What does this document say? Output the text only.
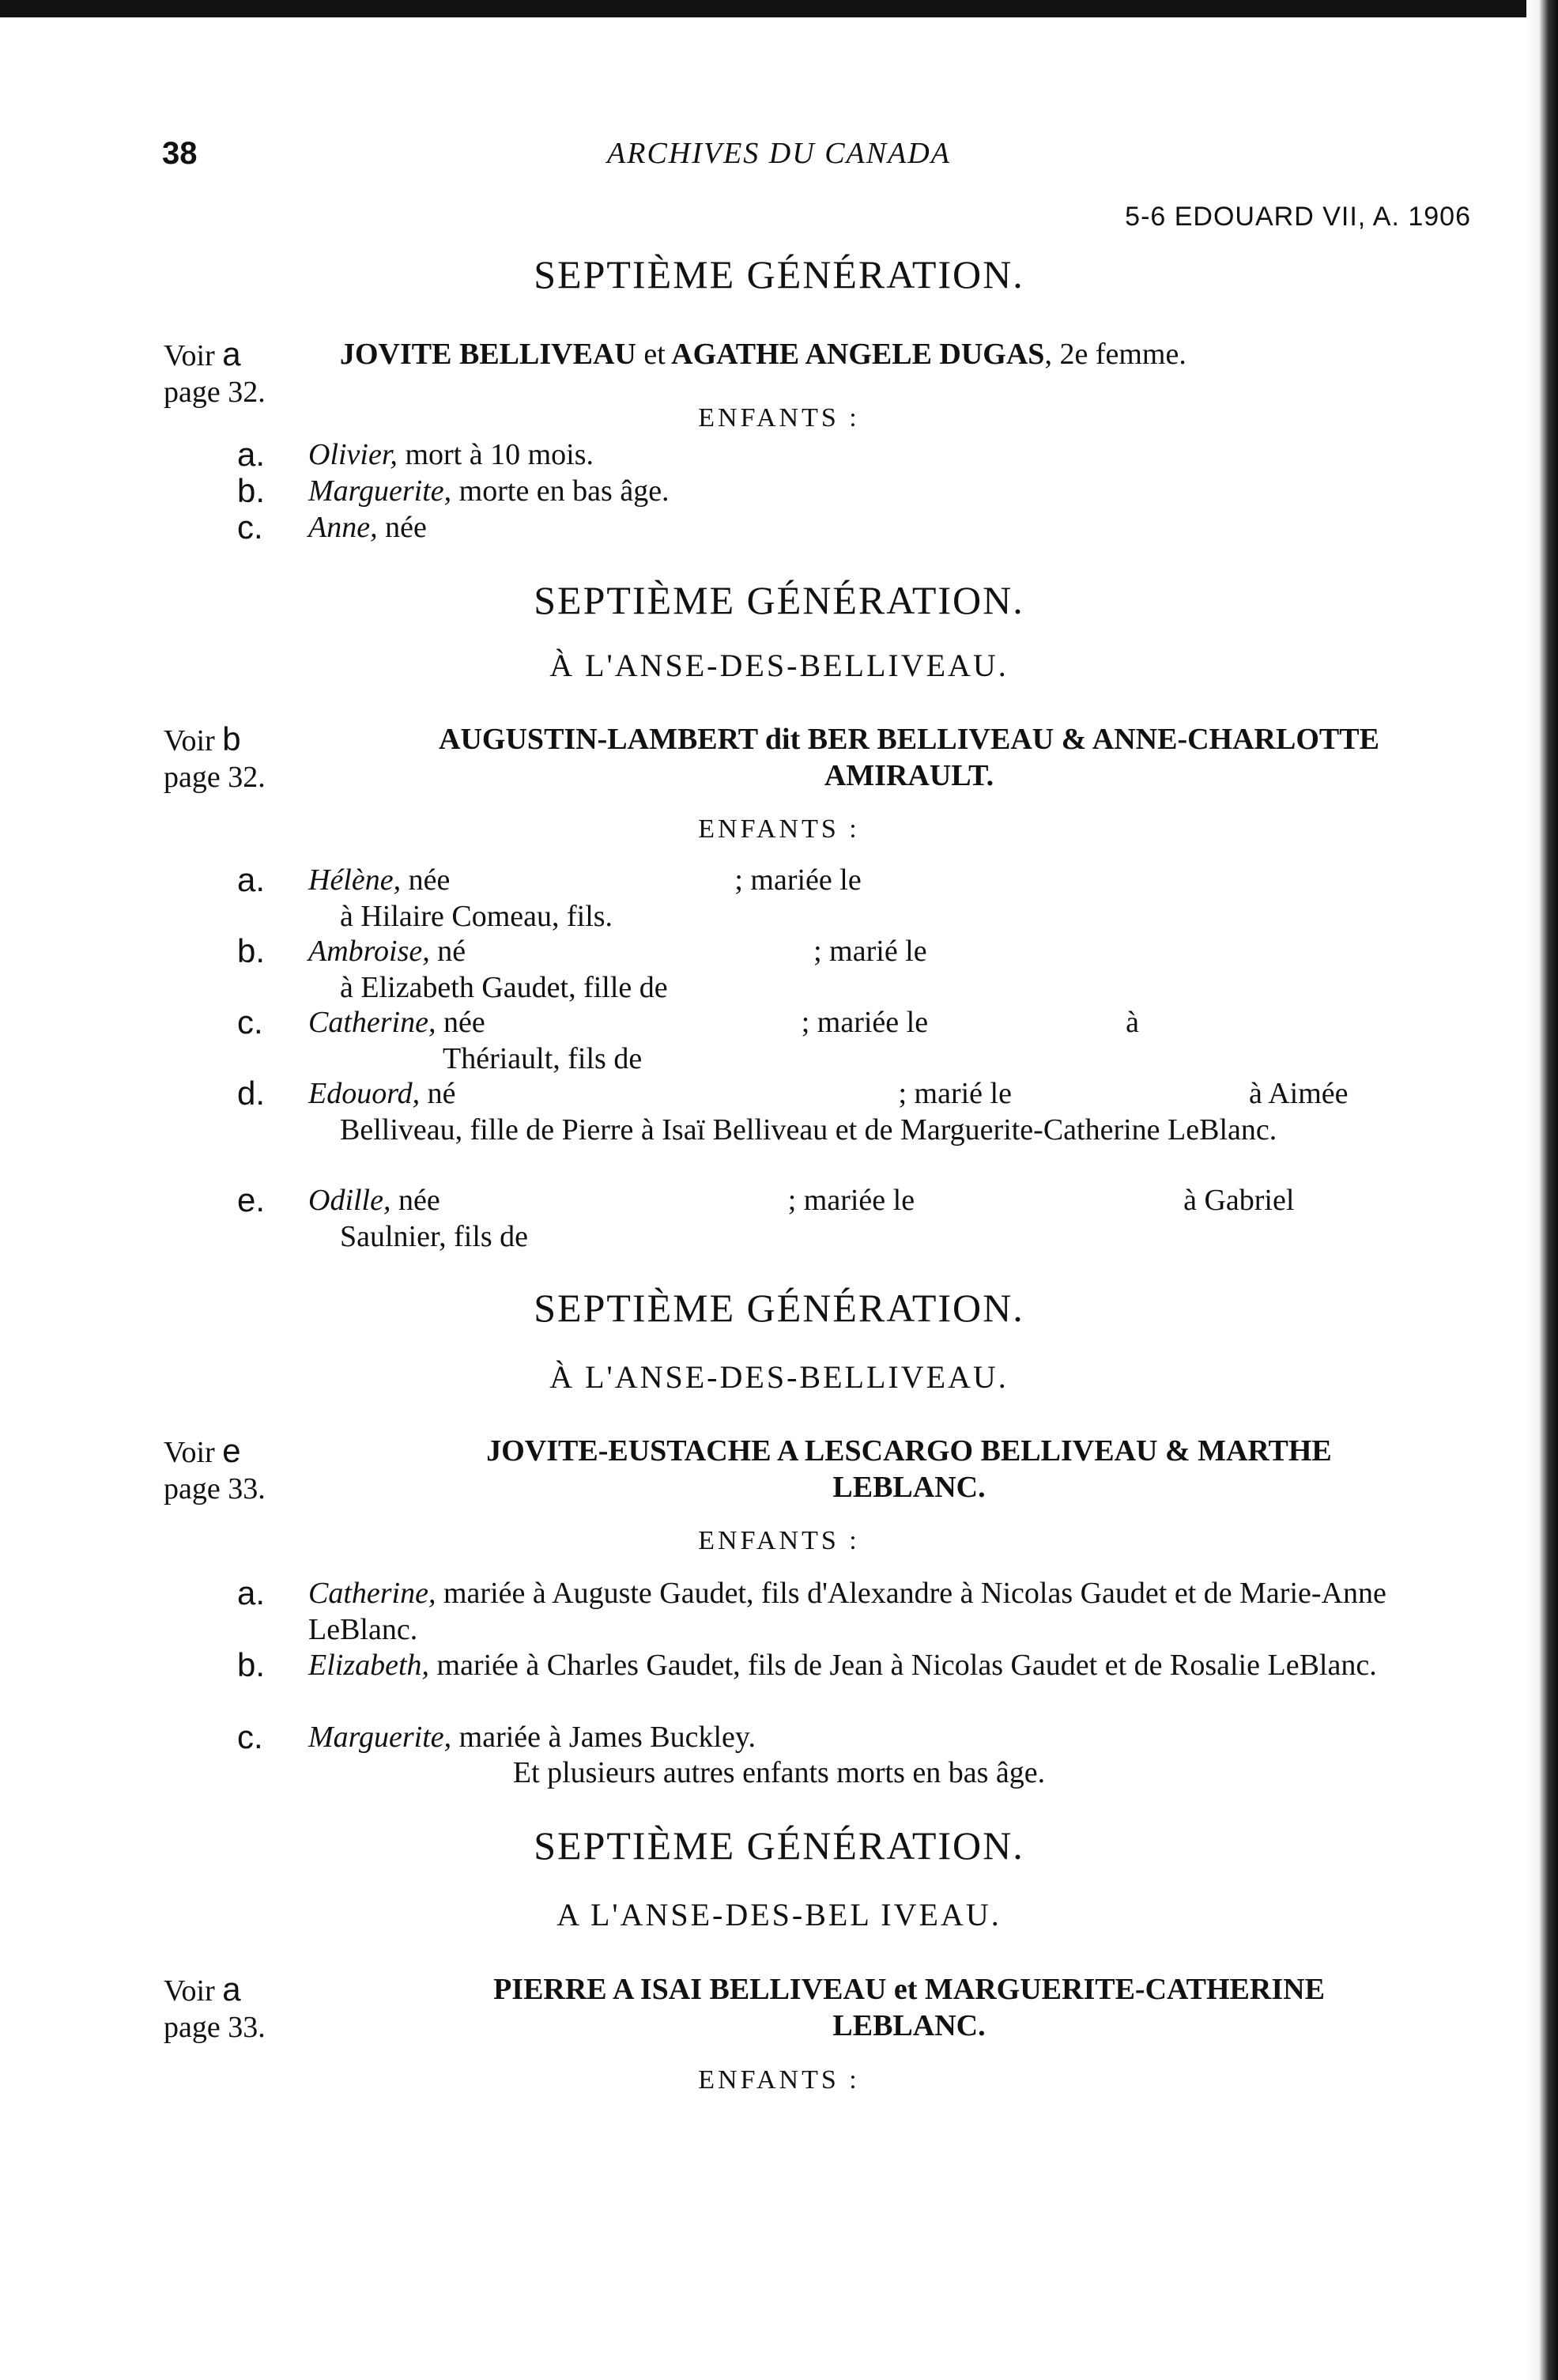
38	ARCHIVES DU CANADA
5-6 EDOUARD VII, A. 1906
SEPTIÈME GÉNÉRATION.
Voir a
page 32.
JOVITE BELLIVEAU et AGATHE ANGELE DUGAS, 2e femme.
ENFANTS :
a. Olivier, mort à 10 mois.
b. Marguerite, morte en bas âge.
c. Anne, née
SEPTIÈME GÉNÉRATION.
À L'ANSE-DES-BELLIVEAU.
Voir b
page 32.
AUGUSTIN-LAMBERT dit BER BELLIVEAU & ANNE-CHARLOTTE
AMIRAULT.
ENFANTS :
a. Hélène, née	; mariée le
à Hilaire Comeau, fils.
b. Ambroise, né	; marié le
à Elizabeth Gaudet, fille de
c. Catherine, née	; mariée le	à
Thériault, fils de
d. Edouord, né	; marié le	à Aimée
Belliveau, fille de Pierre à Isaï Belliveau et de Marguerite-Catherine LeBlanc.
e. Odille, née	; mariée le	à Gabriel
Saulnier, fils de
SEPTIÈME GÉNÉRATION.
À L'ANSE-DES-BELLIVEAU.
Voir e
page 33.
JOVITE-EUSTACHE A LESCARGO BELLIVEAU & MARTHE
LEBLANC.
ENFANTS :
a. Catherine, mariée à Auguste Gaudet, fils d'Alexandre à Nicolas Gaudet et de Marie-Anne LeBlanc.
b. Elizabeth, mariée à Charles Gaudet, fils de Jean à Nicolas Gaudet et de Rosalie LeBlanc.
c. Marguerite, mariée à James Buckley.
Et plusieurs autres enfants morts en bas âge.
SEPTIÈME GÉNÉRATION.
A L'ANSE-DES-BEL IVEAU.
Voir a
page 33.
PIERRE A ISAI BELLIVEAU et MARGUERITE-CATHERINE
LEBLANC.
ENFANTS :
